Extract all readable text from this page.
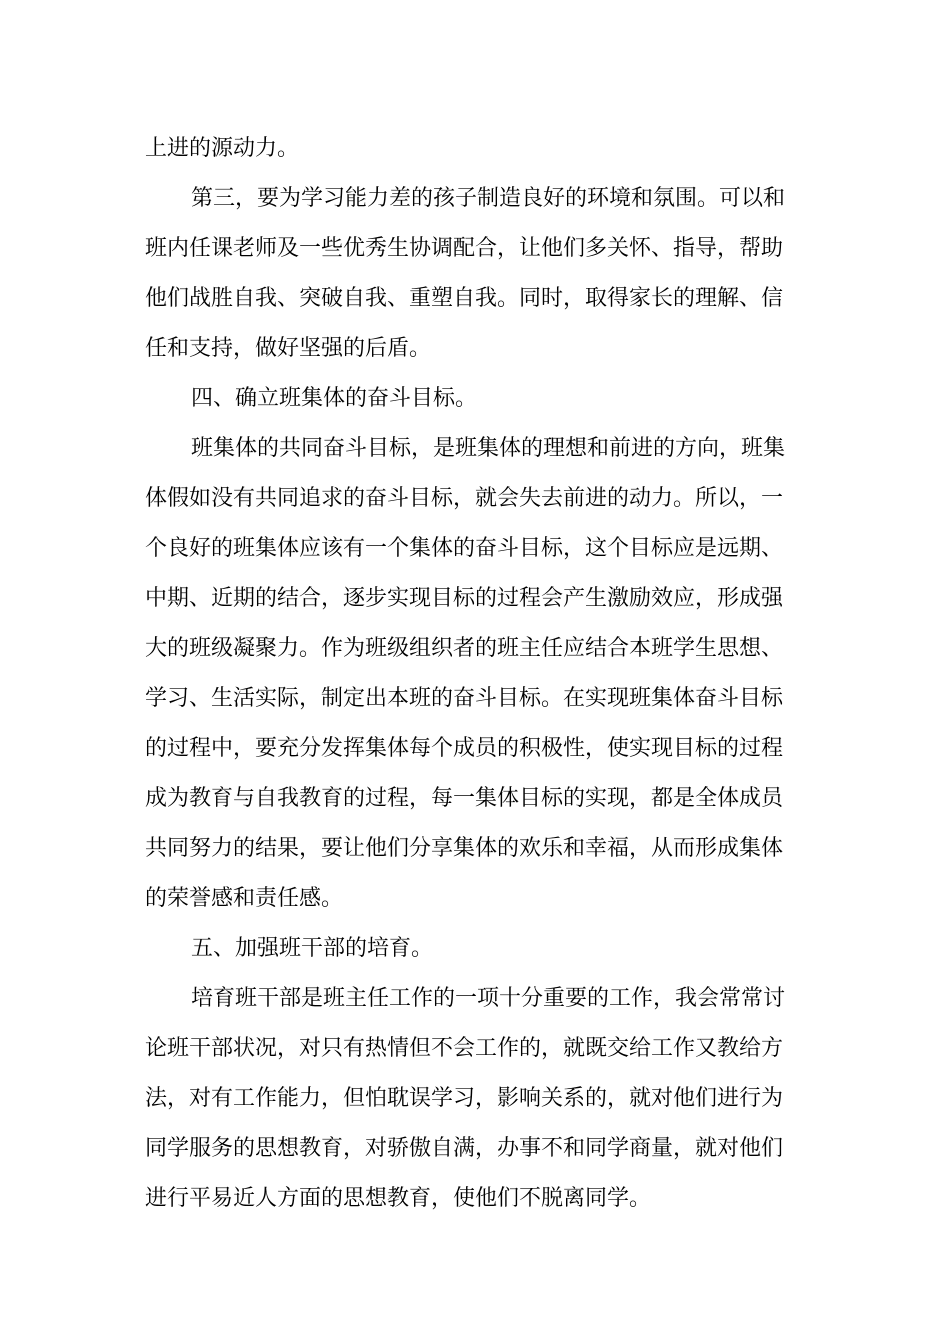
上进的源动力。
第三，要为学习能力差的孩子制造良好的环境和氛围。可以和
班内任课老师及一些优秀生协调配合，让他们多关怀、指导，帮助
他们战胜自我、突破自我、重塑自我。同时，取得家长的理解、信
任和支持，做好坚强的后盾。
四、确立班集体的奋斗目标。
班集体的共同奋斗目标，是班集体的理想和前进的方向，班集
体假如没有共同追求的奋斗目标，就会失去前进的动力。所以，一
个良好的班集体应该有一个集体的奋斗目标，这个目标应是远期、
中期、近期的结合，逐步实现目标的过程会产生激励效应，形成强
大的班级凝聚力。作为班级组织者的班主任应结合本班学生思想、
学习、生活实际，制定出本班的奋斗目标。在实现班集体奋斗目标
的过程中，要充分发挥集体每个成员的积极性，使实现目标的过程
成为教育与自我教育的过程，每一集体目标的实现，都是全体成员
共同努力的结果，要让他们分享集体的欢乐和幸福，从而形成集体
的荣誉感和责任感。
五、加强班干部的培育。
培育班干部是班主任工作的一项十分重要的工作，我会常常讨
论班干部状况，对只有热情但不会工作的，就既交给工作又教给方
法，对有工作能力，但怕耽误学习，影响关系的，就对他们进行为
同学服务的思想教育，对骄傲自满，办事不和同学商量，就对他们
进行平易近人方面的思想教育，使他们不脱离同学。
